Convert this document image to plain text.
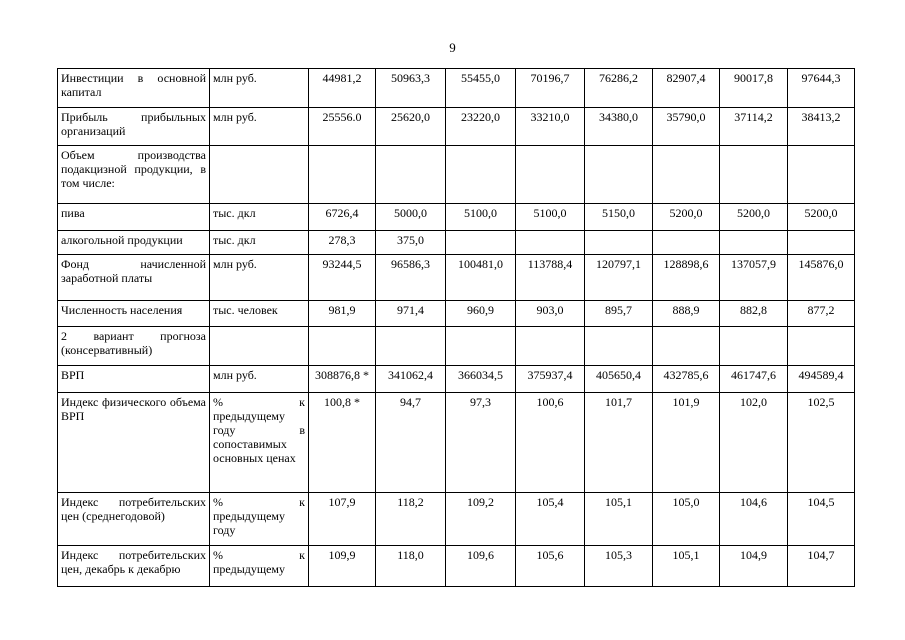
9
Инвестиции в основной капитал	млн руб.	44981,2	50963,3	55455,0	70196,7	76286,2	82907,4	90017,8	97644,3
Прибыль прибыльных организаций	млн руб.	25556.0	25620,0	23220,0	33210,0	34380,0	35790,0	37114,2	38413,2
Объем производства подакцизной продукции, в том числе:									
пива	тыс. дкл	6726,4	5000,0	5100,0	5100,0	5150,0	5200,0	5200,0	5200,0
алкогольной продукции	тыс. дкл	278,3	375,0						
Фонд начисленной заработной платы	млн руб.	93244,5	96586,3	100481,0	113788,4	120797,1	128898,6	137057,9	145876,0
Численность населения	тыс. человек	981,9	971,4	960,9	903,0	895,7	888,9	882,8	877,2
2 вариант прогноза (консервативный)									
ВРП	млн руб.	308876,8 *	341062,4	366034,5	375937,4	405650,4	432785,6	461747,6	494589,4
Индекс физического объема ВРП	% к предыдущему году в сопоставимых основных ценах	100,8 *	94,7	97,3	100,6	101,7	101,9	102,0	102,5
Индекс потребительских цен (среднегодовой)	% к предыдущему году	107,9	118,2	109,2	105,4	105,1	105,0	104,6	104,5
Индекс потребительских цен, декабрь к декабрю	% к предыдущему	109,9	118,0	109,6	105,6	105,3	105,1	104,9	104,7
